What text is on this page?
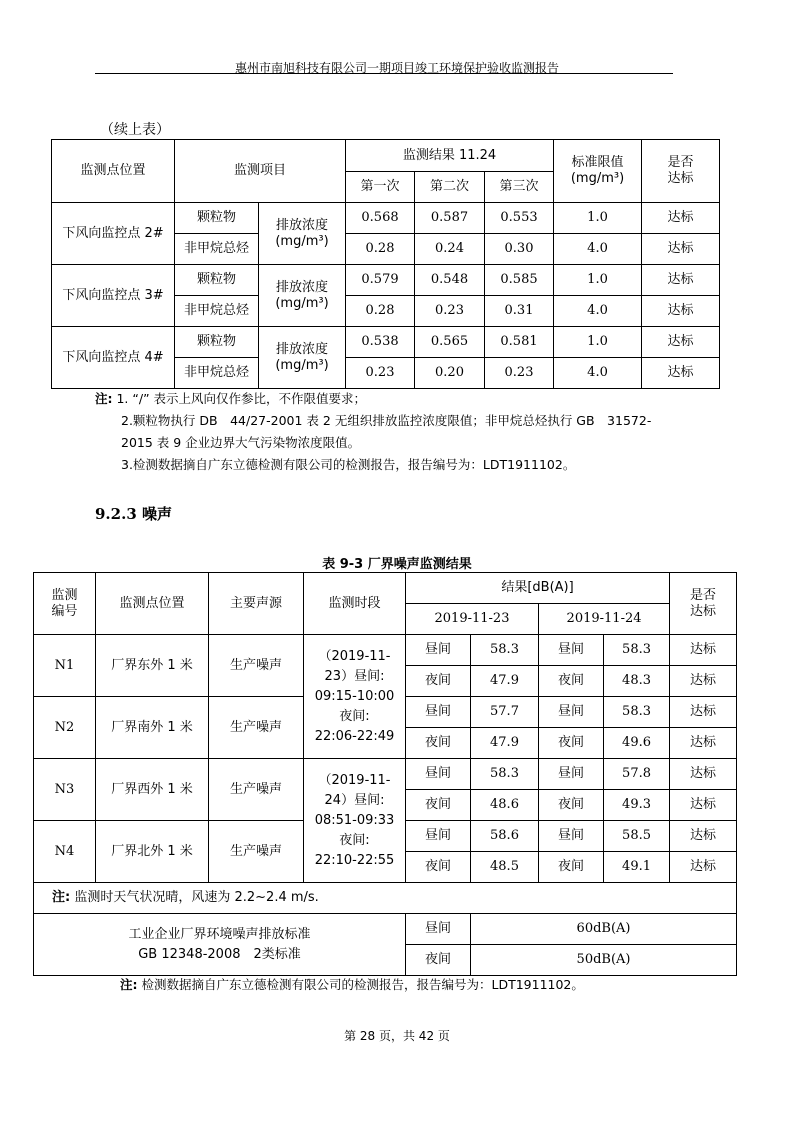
惠州市南旭科技有限公司一期项目竣工环境保护验收监测报告
（续上表）
监测点位置	监测项目		监测结果 11.24			标准限值
(mg/m³)	是否
达标
			第一次	第二次	第三次		
下风向监控点 2#	颗粒物	排放浓度
(mg/m³)	0.568	0.587	0.553	1.0	达标
	非甲烷总烃		0.28	0.24	0.30	4.0	达标
下风向监控点 3#	颗粒物	排放浓度
(mg/m³)	0.579	0.548	0.585	1.0	达标
	非甲烷总烃		0.28	0.23	0.31	4.0	达标
下风向监控点 4#	颗粒物	排放浓度
(mg/m³)	0.538	0.565	0.581	1.0	达标
	非甲烷总烃		0.23	0.20	0.23	4.0	达标
注: 1. “/” 表示上风向仅作参比，不作限值要求；
2.颗粒物执行 DB　44/27-2001 表 2 无组织排放监控浓度限值；非甲烷总烃执行 GB　31572-
2015 表 9 企业边界大气污染物浓度限值。
3.检测数据摘自广东立德检测有限公司的检测报告，报告编号为：LDT1911102。
9.2.3 噪声
表 9-3 厂界噪声监测结果
监测
编号	监测点位置	主要声源	监测时段	结果[dB(A)]				是否
达标
				2019-11-23		2019-11-24		
N1	厂界东外 1 米	生产噪声	（2019-11-
23）昼间:
09:15-10:00
夜间:
22:06-22:49	昼间	58.3	昼间	58.3	达标
				夜间	47.9	夜间	48.3	达标
N2	厂界南外 1 米	生产噪声		昼间	57.7	昼间	58.3	达标
				夜间	47.9	夜间	49.6	达标
N3	厂界西外 1 米	生产噪声	（2019-11-
24）昼间:
08:51-09:33
夜间:
22:10-22:55	昼间	58.3	昼间	57.8	达标
				夜间	48.6	夜间	49.3	达标
N4	厂界北外 1 米	生产噪声		昼间	58.6	昼间	58.5	达标
				夜间	48.5	夜间	49.1	达标
注: 监测时天气状况晴，风速为 2.2~2.4 m/s.								
工业企业厂界环境噪声排放标准
GB 12348-2008　2类标准				昼间	60dB(A)			
				夜间	50dB(A)			
注: 检测数据摘自广东立德检测有限公司的检测报告，报告编号为：LDT1911102。
第 28 页，共 42 页
